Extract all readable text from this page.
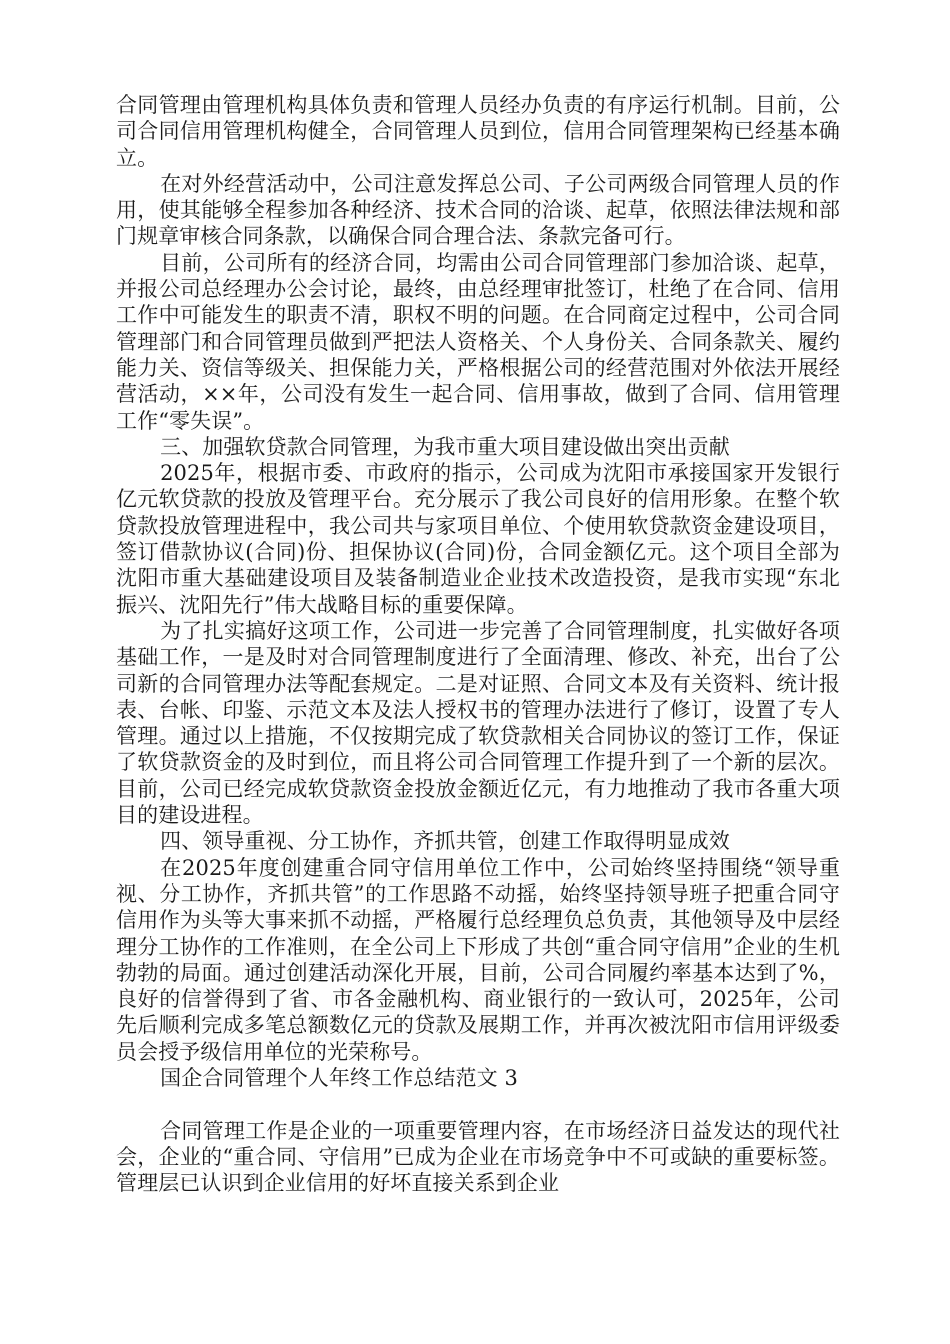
合同管理由管理机构具体负责和管理人员经办负责的有序运行机制。目前，公司合同信用管理机构健全，合同管理人员到位，信用合同管理架构已经基本确立。

在对外经营活动中，公司注意发挥总公司、子公司两级合同管理人员的作用，使其能够全程参加各种经济、技术合同的洽谈、起草，依照法律法规和部门规章审核合同条款，以确保合同合理合法、条款完备可行。

目前，公司所有的经济合同，均需由公司合同管理部门参加洽谈、起草，并报公司总经理办公会讨论，最终，由总经理审批签订，杜绝了在合同、信用工作中可能发生的职责不清，职权不明的问题。在合同商定过程中，公司合同管理部门和合同管理员做到严把法人资格关、个人身份关、合同条款关、履约能力关、资信等级关、担保能力关，严格根据公司的经营范围对外依法开展经营活动，××年，公司没有发生一起合同、信用事故，做到了合同、信用管理工作“零失误”。

三、加强软贷款合同管理，为我市重大项目建设做出突出贡献

2025年，根据市委、市政府的指示，公司成为沈阳市承接国家开发银行亿元软贷款的投放及管理平台。充分展示了我公司良好的信用形象。在整个软贷款投放管理进程中，我公司共与家项目单位、个使用软贷款资金建设项目，签订借款协议(合同)份、担保协议(合同)份，合同金额亿元。这个项目全部为沈阳市重大基础建设项目及装备制造业企业技术改造投资，是我市实现“东北振兴、沈阳先行”伟大战略目标的重要保障。

为了扎实搞好这项工作，公司进一步完善了合同管理制度，扎实做好各项基础工作，一是及时对合同管理制度进行了全面清理、修改、补充，出台了公司新的合同管理办法等配套规定。二是对证照、合同文本及有关资料、统计报表、台帐、印鉴、示范文本及法人授权书的管理办法进行了修订，设置了专人管理。通过以上措施，不仅按期完成了软贷款相关合同协议的签订工作，保证了软贷款资金的及时到位，而且将公司合同管理工作提升到了一个新的层次。目前，公司已经完成软贷款资金投放金额近亿元，有力地推动了我市各重大项目的建设进程。

四、领导重视、分工协作，齐抓共管，创建工作取得明显成效

在2025年度创建重合同守信用单位工作中，公司始终坚持围绕“领导重视、分工协作，齐抓共管”的工作思路不动摇，始终坚持领导班子把重合同守信用作为头等大事来抓不动摇，严格履行总经理负总负责，其他领导及中层经理分工协作的工作准则，在全公司上下形成了共创“重合同守信用”企业的生机勃勃的局面。通过创建活动深化开展，目前，公司合同履约率基本达到了%，良好的信誉得到了省、市各金融机构、商业银行的一致认可，2025年，公司先后顺利完成多笔总额数亿元的贷款及展期工作，并再次被沈阳市信用评级委员会授予级信用单位的光荣称号。

国企合同管理个人年终工作总结范文 3

合同管理工作是企业的一项重要管理内容，在市场经济日益发达的现代社会，企业的“重合同、守信用”已成为企业在市场竞争中不可或缺的重要标签。管理层已认识到企业信用的好坏直接关系到企业
